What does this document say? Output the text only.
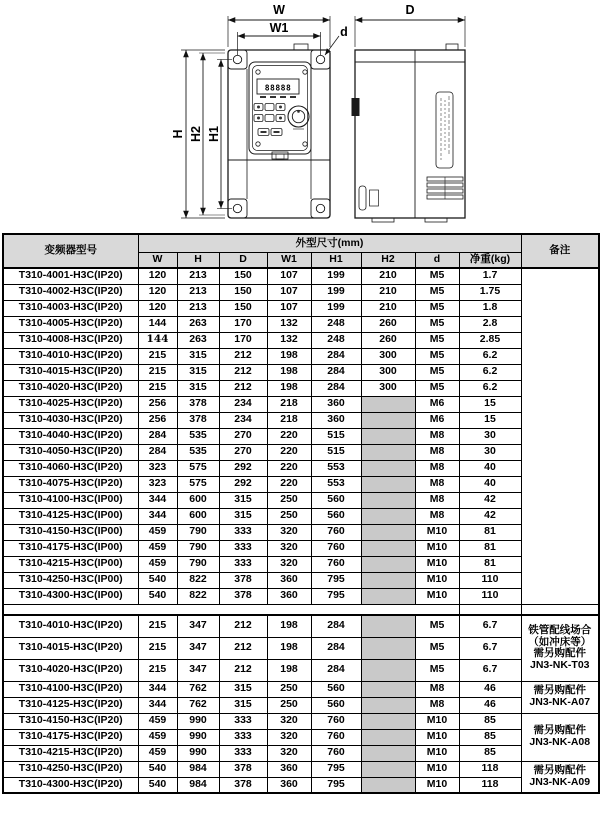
W
W1	d
H H2 H1
88888
D
变频器型号	外型尺寸(mm)								备注
	W	H	D	W1	H1	H2	d	净重(kg)	
T310-4001-H3C(IP20)	120	213	150	107	199	210	M5	1.7	
T310-4002-H3C(IP20)	120	213	150	107	199	210	M5	1.75	
T310-4003-H3C(IP20)	120	213	150	107	199	210	M5	1.8	
T310-4005-H3C(IP20)	144	263	170	132	248	260	M5	2.8	
T310-4008-H3C(IP20)	144	263	170	132	248	260	M5	2.85	
T310-4010-H3C(IP20)	215	315	212	198	284	300	M5	6.2	
T310-4015-H3C(IP20)	215	315	212	198	284	300	M5	6.2	
T310-4020-H3C(IP20)	215	315	212	198	284	300	M5	6.2	
T310-4025-H3C(IP20)	256	378	234	218	360		M6	15	
T310-4030-H3C(IP20)	256	378	234	218	360		M6	15	
T310-4040-H3C(IP20)	284	535	270	220	515		M8	30	
T310-4050-H3C(IP20)	284	535	270	220	515		M8	30	
T310-4060-H3C(IP20)	323	575	292	220	553		M8	40	
T310-4075-H3C(IP20)	323	575	292	220	553		M8	40	
T310-4100-H3C(IP00)	344	600	315	250	560		M8	42	
T310-4125-H3C(IP00)	344	600	315	250	560		M8	42	
T310-4150-H3C(IP00)	459	790	333	320	760		M10	81	
T310-4175-H3C(IP00)	459	790	333	320	760		M10	81	
T310-4215-H3C(IP00)	459	790	333	320	760		M10	81	
T310-4250-H3C(IP00)	540	822	378	360	795		M10	110	
T310-4300-H3C(IP00)	540	822	378	360	795		M10	110	

T310-4010-H3C(IP20)	215	347	212	198	284		M5	6.7	铁管配线场合
（如冲床等）
需另购配件
JN3-NK-T03

T310-4015-H3C(IP20)	215	347	212	198	284		M5	6.7	
T310-4020-H3C(IP20)	215	347	212	198	284		M5	6.7	
T310-4100-H3C(IP20)	344	762	315	250	560		M8	46	需另购配件
JN3-NK-A07

T310-4125-H3C(IP20)	344	762	315	250	560		M8	46	
T310-4150-H3C(IP20)	459	990	333	320	760		M10	85	需另购配件
JN3-NK-A08

T310-4175-H3C(IP20)	459	990	333	320	760		M10	85	
T310-4215-H3C(IP20)	459	990	333	320	760		M10	85	
T310-4250-H3C(IP20)	540	984	378	360	795		M10	118	需另购配件
JN3-NK-A09

T310-4300-H3C(IP20)	540	984	378	360	795		M10	118	
